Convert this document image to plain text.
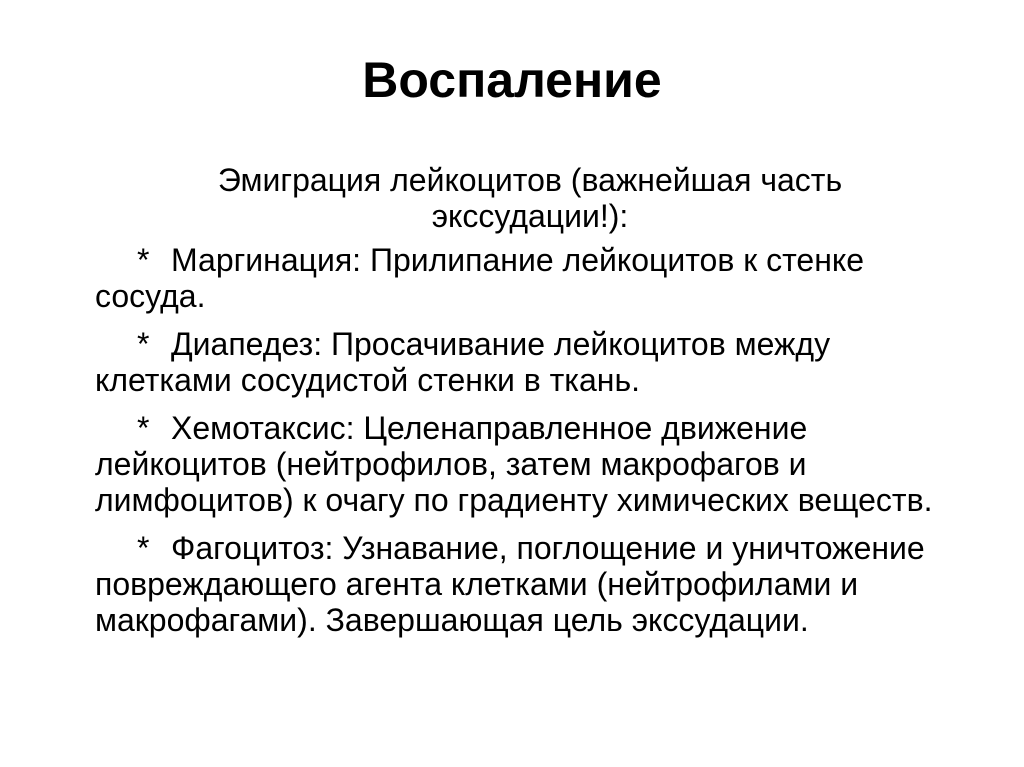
Воспаление
Эмиграция лейкоцитов (важнейшая часть
экссудации!):
* Маргинация: Прилипание лейкоцитов к стенке сосуда.
* Диапедез: Просачивание лейкоцитов между клетками сосудистой стенки в ткань.
* Хемотаксис: Целенаправленное движение лейкоцитов (нейтрофилов, затем макрофагов и лимфоцитов) к очагу по градиенту химических веществ.
* Фагоцитоз: Узнавание, поглощение и уничтожение повреждающего агента клетками (нейтрофилами и макрофагами). Завершающая цель экссудации.
